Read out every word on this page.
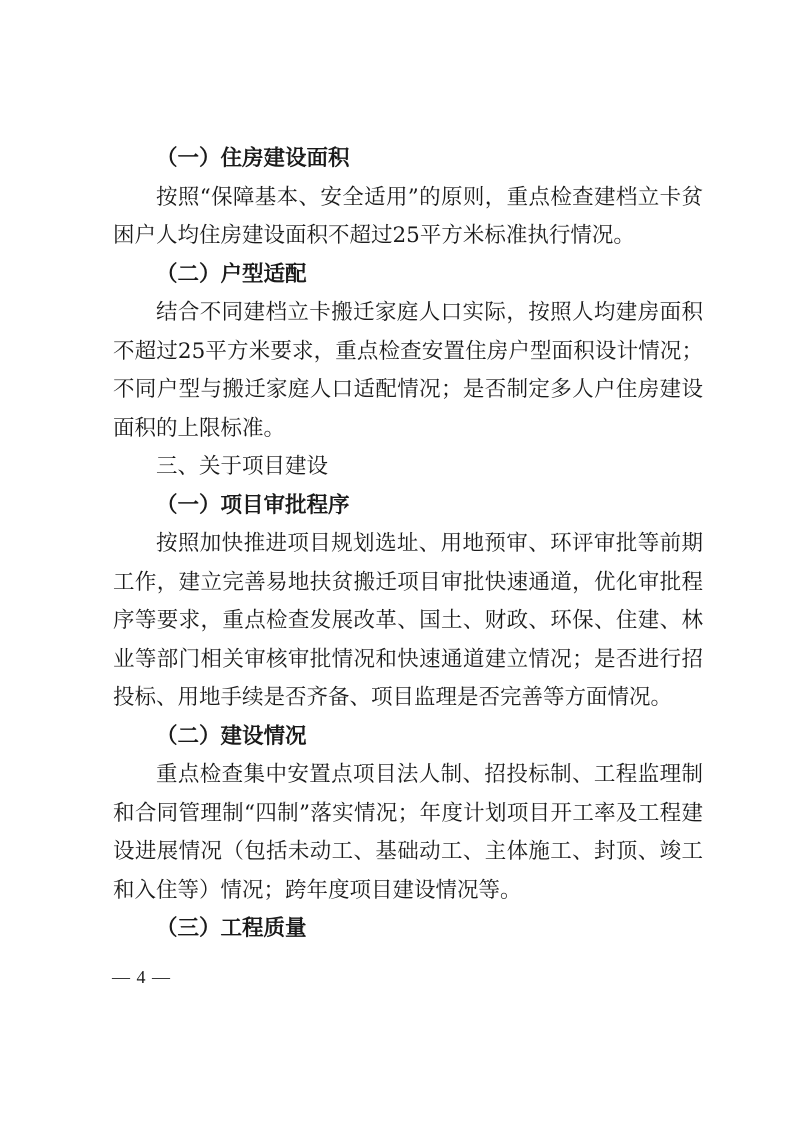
（一）住房建设面积
按照“保障基本、安全适用”的原则，重点检查建档立卡贫
困户人均住房建设面积不超过25平方米标准执行情况。
（二）户型适配
结合不同建档立卡搬迁家庭人口实际，按照人均建房面积
不超过25平方米要求，重点检查安置住房户型面积设计情况；
不同户型与搬迁家庭人口适配情况；是否制定多人户住房建设
面积的上限标准。
三、关于项目建设
（一）项目审批程序
按照加快推进项目规划选址、用地预审、环评审批等前期
工作，建立完善易地扶贫搬迁项目审批快速通道，优化审批程
序等要求，重点检查发展改革、国土、财政、环保、住建、林
业等部门相关审核审批情况和快速通道建立情况；是否进行招
投标、用地手续是否齐备、项目监理是否完善等方面情况。
（二）建设情况
重点检查集中安置点项目法人制、招投标制、工程监理制
和合同管理制“四制”落实情况；年度计划项目开工率及工程建
设进展情况（包括未动工、基础动工、主体施工、封顶、竣工
和入住等）情况；跨年度项目建设情况等。
（三）工程质量
— 4 —
